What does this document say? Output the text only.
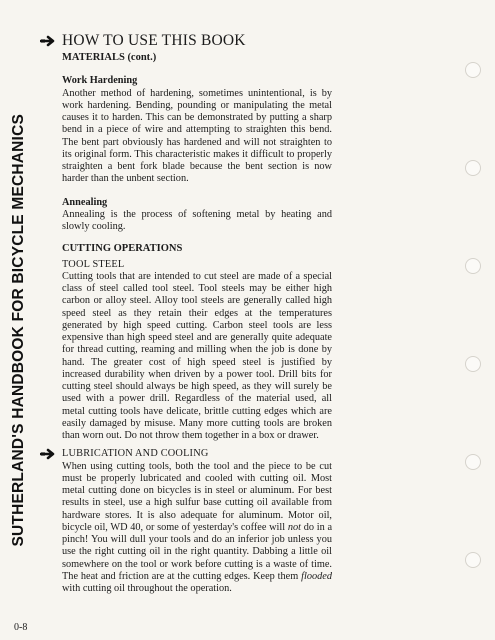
SUTHERLAND'S HANDBOOK FOR BICYCLE MECHANICS
HOW TO USE THIS BOOK
MATERIALS (cont.)
Work Hardening

Another method of hardening, sometimes unintentional, is by work hardening. Bending, pounding or manipulating the metal causes it to harden. This can be demonstrated by putting a sharp bend in a piece of wire and attempting to straighten this bend. The bent part obviously has hardened and will not straighten to its original form. This characteristic makes it difficult to properly straighten a bent fork blade because the bent section is now harder than the unbent section.

Annealing

Annealing is the process of softening metal by heating and slowly cooling.

CUTTING OPERATIONS
TOOL STEEL

Cutting tools that are intended to cut steel are made of a special class of steel called tool steel. Tool steels may be either high carbon or alloy steel. Alloy tool steels are generally called high speed steel as they retain their edges at the temperatures generated by high speed cutting. Carbon steel tools are less expensive than high speed steel and are generally quite adequate for thread cutting, reaming and milling when the job is done by hand. The greater cost of high speed steel is justified by increased durability when driven by a power tool. Drill bits for cutting steel should always be high speed, as they will surely be used with a power drill. Regardless of the material used, all metal cutting tools have delicate, brittle cutting edges which are easily damaged by misuse. Many more cutting tools are broken than worn out. Do not throw them together in a box or drawer.

LUBRICATION AND COOLING

When using cutting tools, both the tool and the piece to be cut must be properly lubricated and cooled with cutting oil. Most metal cutting done on bicycles is in steel or aluminum. For best results in steel, use a high sulfur base cutting oil available from hardware stores. It is also adequate for aluminum. Motor oil, bicycle oil, WD 40, or some of yesterday's coffee will not do in a pinch! You will dull your tools and do an inferior job unless you use the right cutting oil in the right quantity. Dabbing a little oil somewhere on the tool or work before cutting is a waste of time. The heat and friction are at the cutting edges. Keep them flooded with cutting oil throughout the operation.

0-8
